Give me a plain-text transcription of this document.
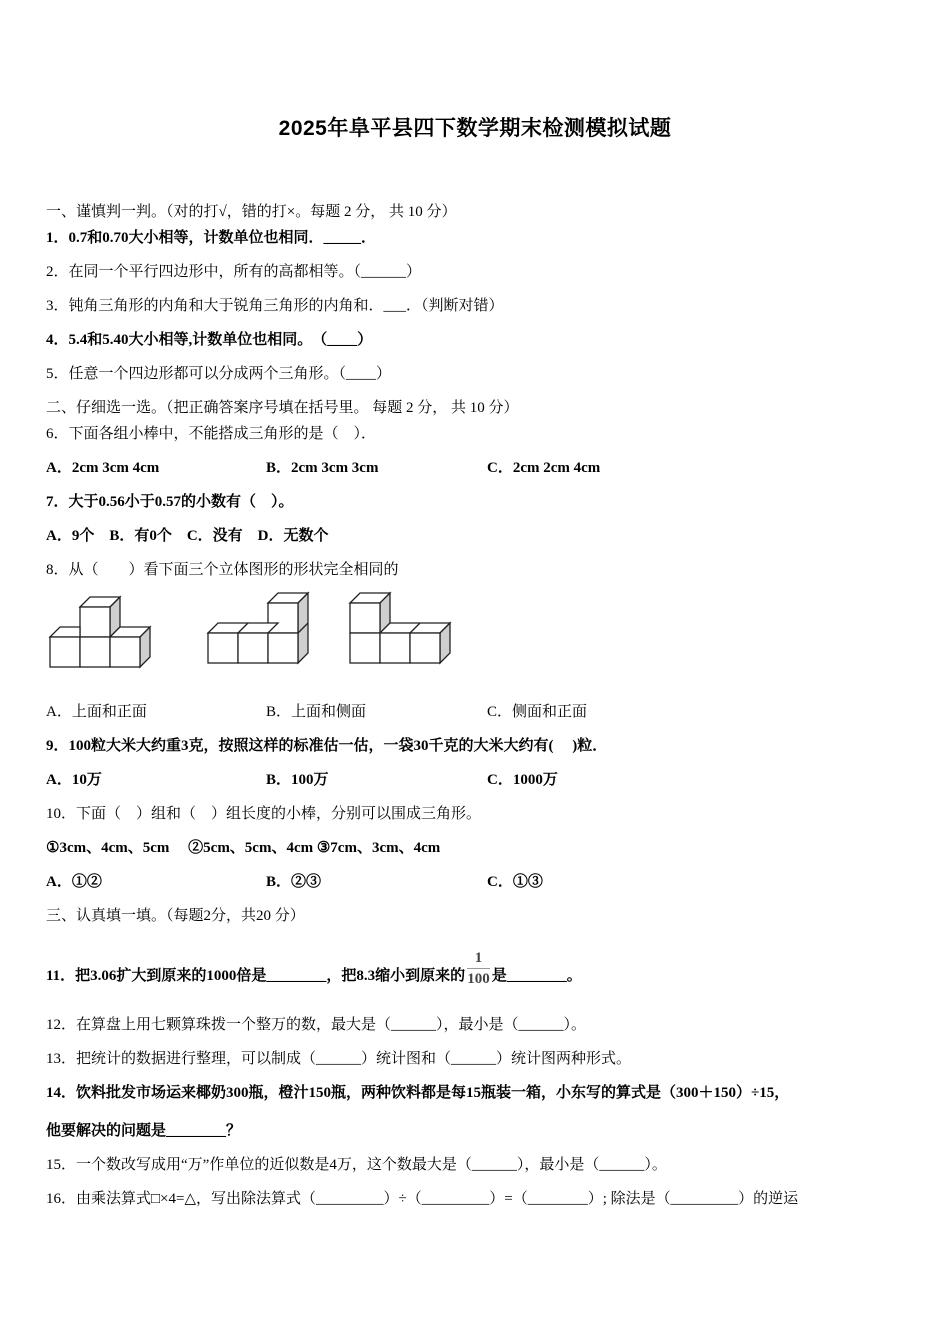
2025年阜平县四下数学期末检测模拟试题
一、谨慎判一判。（对的打√，错的打×。每题 2 分， 共 10 分）
1．0.7和0.70大小相等，计数单位也相同．_____．
2．在同一个平行四边形中，所有的高都相等。（______）
3．钝角三角形的内角和大于锐角三角形的内角和．___．（判断对错）
4．5.4和5.40大小相等,计数单位也相同。　（____）
5．任意一个四边形都可以分成两个三角形。（____）
二、仔细选一选。（把正确答案序号填在括号里。 每题 2 分， 共 10 分）
6．下面各组小棒中，不能搭成三角形的是（　）．
A．2cm 3cm 4cm	B．2cm 3cm 3cm	C．2cm 2cm 4cm
7．大于0.56小于0.57的小数有（　）。
A．9个　B．有0个　C．没有　D．无数个
8．从（　　）看下面三个立体图形的形状完全相同的
A．上面和正面	B．上面和侧面	C．侧面和正面
9．100粒大米大约重3克，按照这样的标准估一估，一袋30千克的大米大约有(　 )粒．
A．10万	B．100万	C．1000万
10．下面（　）组和（　）组长度的小棒，分别可以围成三角形。
①3cm、4cm、5cm　 ②5cm、5cm、4cm ③7cm、3cm、4cm
A．①②	B．②③	C．①③
三、认真填一填。（每题2分，共20 分）
11．把3.06扩大到原来的1000倍是________，把8.3缩小到原来的 $\frac{1}{100}$ 是________。
12．在算盘上用七颗算珠拨一个整万的数，最大是（______），最小是（______）。
13．把统计的数据进行整理，可以制成（______）统计图和（______）统计图两种形式。
14．饮料批发市场运来椰奶300瓶，橙汁150瓶，两种饮料都是每15瓶装一箱，小东写的算式是（300＋150）÷15，
他要解决的问题是________？
15．一个数改写成用“万”作单位的近似数是4万，这个数最大是（______），最小是（______）。
16．由乘法算式□×4=△，写出除法算式（_________）÷（_________）=（________）; 除法是（_________）的逆运
